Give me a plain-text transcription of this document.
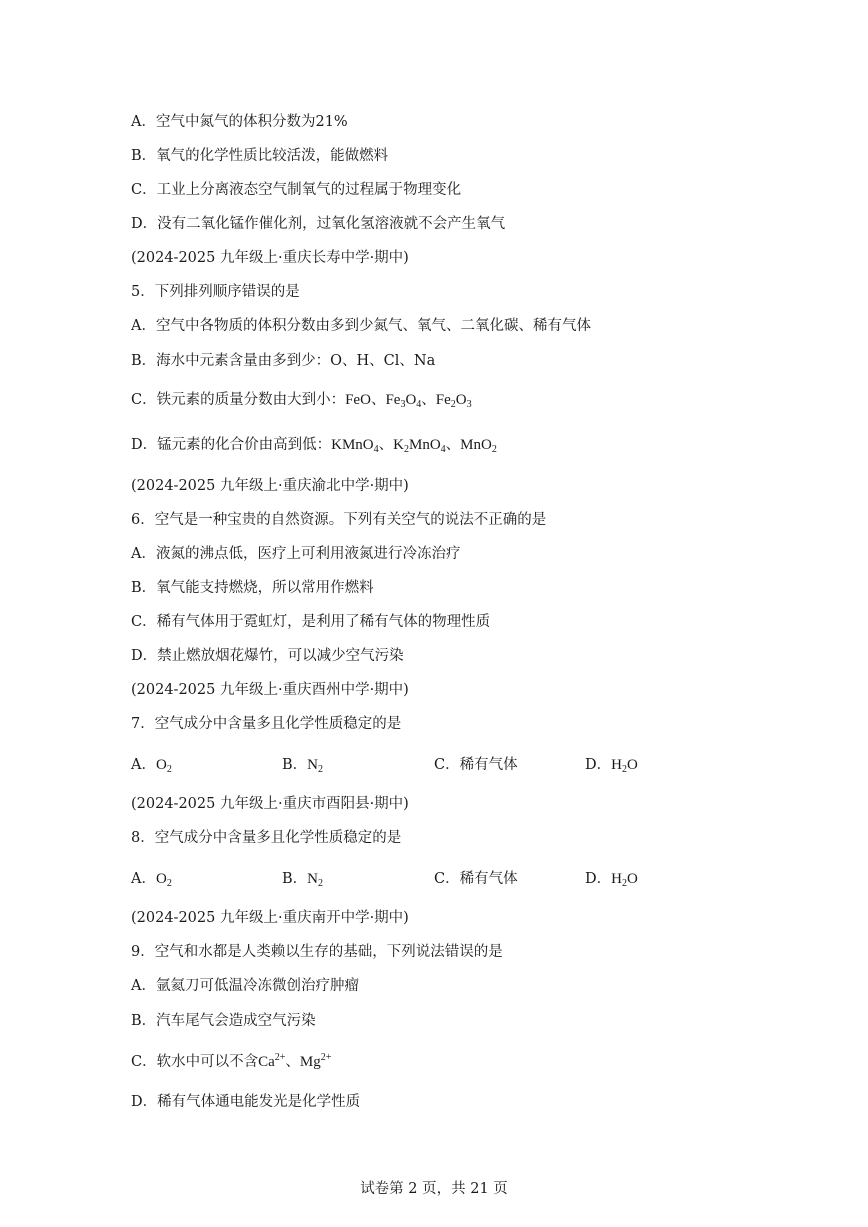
A．空气中氮气的体积分数为21%
B．氧气的化学性质比较活泼，能做燃料
C．工业上分离液态空气制氧气的过程属于物理变化
D．没有二氧化锰作催化剂，过氧化氢溶液就不会产生氧气
(2024-2025 九年级上·重庆长寿中学·期中)
5．下列排列顺序错误的是
A．空气中各物质的体积分数由多到少氮气、氧气、二氧化碳、稀有气体
B．海水中元素含量由多到少：O、H、Cl、Na
C．铁元素的质量分数由大到小：FeO、$Fe_3O_4$、$Fe_2O_3$
D．锰元素的化合价由高到低：KMnO$_4$、$K_2MnO_4$、MnO$_2$
(2024-2025 九年级上·重庆渝北中学·期中)
6．空气是一种宝贵的自然资源。下列有关空气的说法不正确的是
A．液氮的沸点低，医疗上可利用液氮进行冷冻治疗
B．氧气能支持燃烧，所以常用作燃料
C．稀有气体用于霓虹灯，是利用了稀有气体的物理性质
D．禁止燃放烟花爆竹，可以减少空气污染
(2024-2025 九年级上·重庆酉州中学·期中)
7．空气成分中含量多且化学性质稳定的是
A．$O_2$	B．$N_2$	C．稀有气体	D．$H_2O$
(2024-2025 九年级上·重庆市酉阳县·期中)
8．空气成分中含量多且化学性质稳定的是
A．$O_2$	B．$N_2$	C．稀有气体	D．$H_2O$
(2024-2025 九年级上·重庆南开中学·期中)
9．空气和水都是人类赖以生存的基础，下列说法错误的是
A．氩氦刀可低温冷冻微创治疗肿瘤
B．汽车尾气会造成空气污染
C．软水中可以不含$Ca^{2+}$、$Mg^{2+}$
D．稀有气体通电能发光是化学性质
试卷第 2 页，共 21 页
